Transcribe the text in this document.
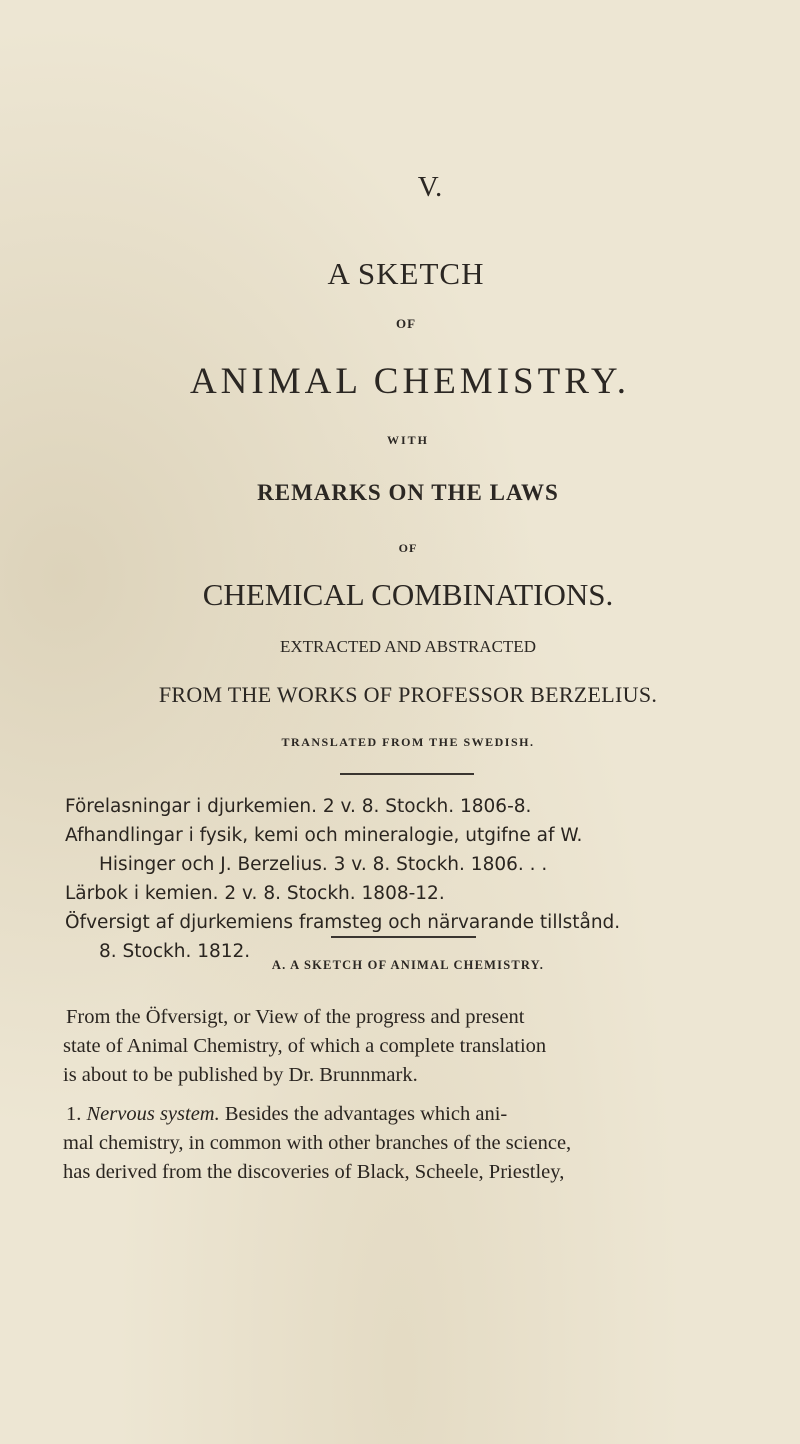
V.
A SKETCH
OF
ANIMAL CHEMISTRY.
WITH
REMARKS ON THE LAWS
OF
CHEMICAL COMBINATIONS.
EXTRACTED AND ABSTRACTED
FROM THE WORKS OF PROFESSOR BERZELIUS.
TRANSLATED FROM THE SWEDISH.
Förelasningar i djurkemien. 2 v. 8. Stockh. 1806-8.
Afhandlingar i fysik, kemi och mineralogie, utgifne af W.
Hisinger och J. Berzelius. 3 v. 8. Stockh. 1806. . .
Lärbok i kemien. 2 v. 8. Stockh. 1808-12.
Öfversigt af djurkemiens framsteg och närvarande tillstånd.
8. Stockh. 1812.
A. A SKETCH OF ANIMAL CHEMISTRY.
From the Öfversigt, or View of the progress and present
state of Animal Chemistry, of which a complete translation
is about to be published by Dr. Brunnmark.
1. Nervous system. Besides the advantages which ani-
mal chemistry, in common with other branches of the science,
has derived from the discoveries of Black, Scheele, Priestley,
